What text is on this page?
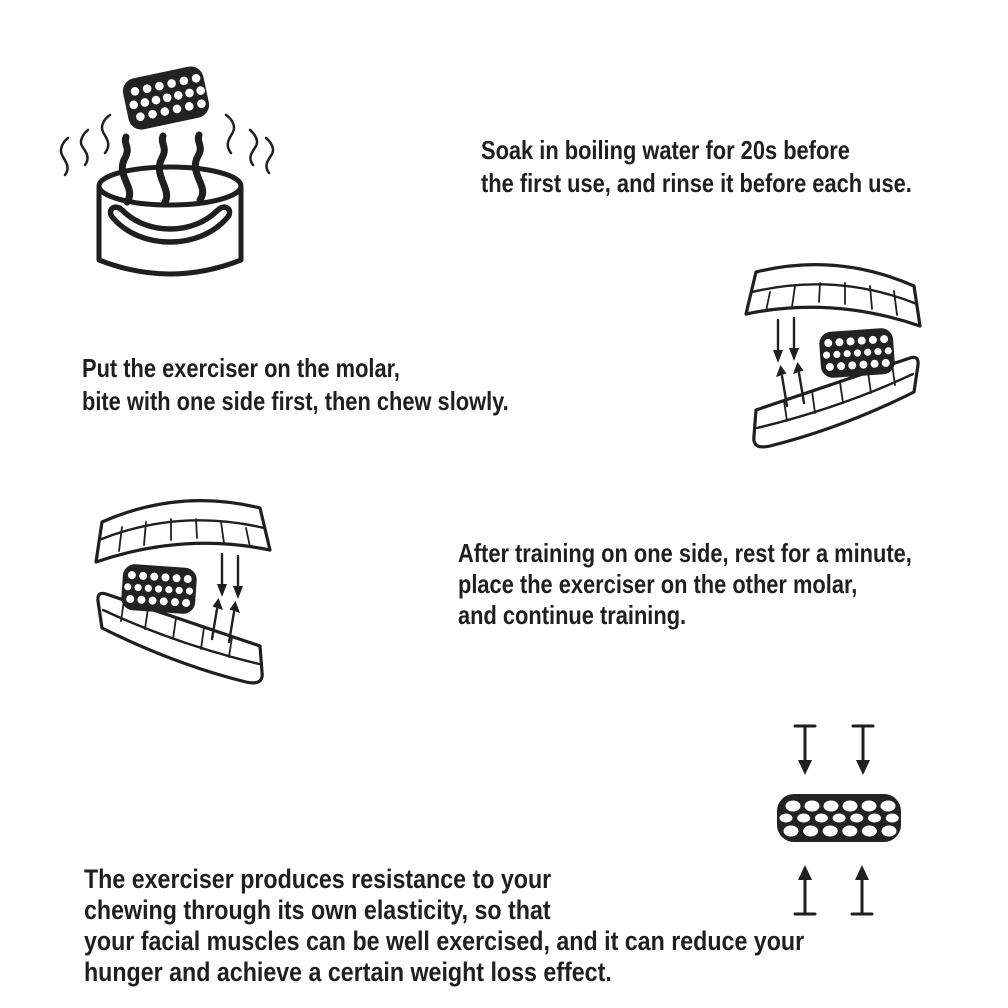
Soak in boiling water for 20s before
the first use, and rinse it before each use.
Put the exerciser on the molar,
bite with one side first, then chew slowly.
After training on one side, rest for a minute,
place the exerciser on the other molar,
and continue training.
The exerciser produces resistance to your
chewing through its own elasticity, so that
your facial muscles can be well exercised, and it can reduce your
hunger and achieve a certain weight loss effect.
